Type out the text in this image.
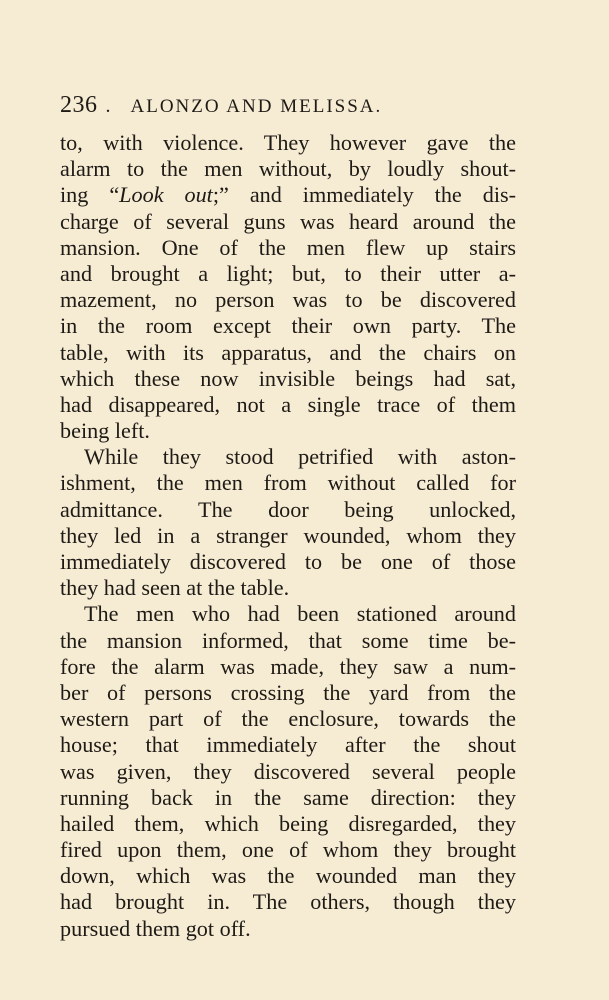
236 . ALONZO AND MELISSA.
to, with violence. They however gave the
alarm to the men without, by loudly shout-
ing “Look out;” and immediately the dis-
charge of several guns was heard around the
mansion. One of the men flew up stairs
and brought a light; but, to their utter a-
mazement, no person was to be discovered
in the room except their own party. The
table, with its apparatus, and the chairs on
which these now invisible beings had sat,
had disappeared, not a single trace of them
being left.
While they stood petrified with aston-
ishment, the men from without called for
admittance. The door being unlocked,
they led in a stranger wounded, whom they
immediately discovered to be one of those
they had seen at the table.
The men who had been stationed around
the mansion informed, that some time be-
fore the alarm was made, they saw a num-
ber of persons crossing the yard from the
western part of the enclosure, towards the
house; that immediately after the shout
was given, they discovered several people
running back in the same direction: they
hailed them, which being disregarded, they
fired upon them, one of whom they brought
down, which was the wounded man they
had brought in. The others, though they
pursued them got off.
